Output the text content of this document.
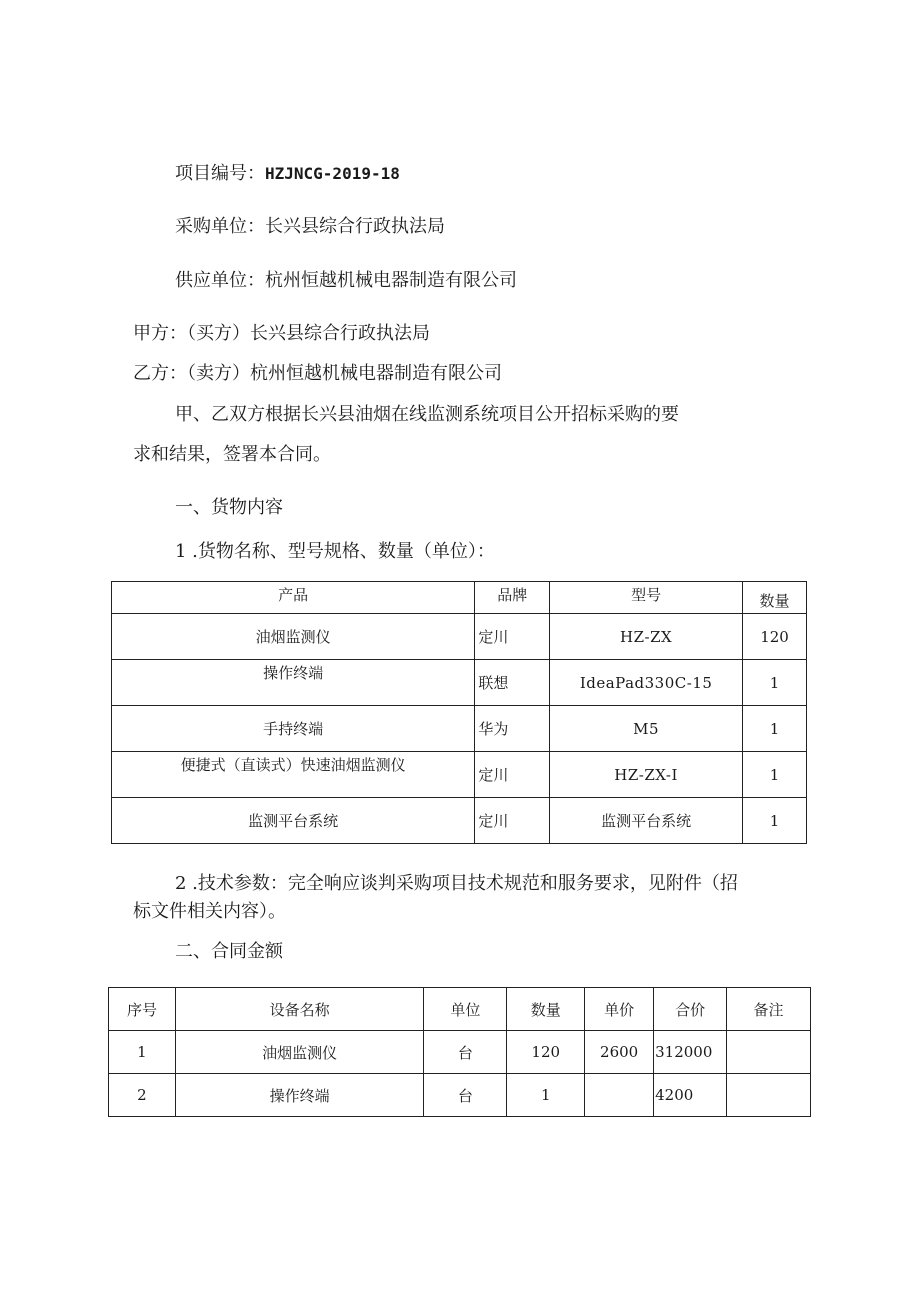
项目编号：HZJNCG-2019-18
采购单位：长兴县综合行政执法局
供应单位：杭州恒越机械电器制造有限公司
甲方：（买方）长兴县综合行政执法局
乙方：（卖方）杭州恒越机械电器制造有限公司
甲、乙双方根据长兴县油烟在线监测系统项目公开招标采购的要
求和结果，签署本合同。
一、货物内容
1 .货物名称、型号规格、数量（单位）：
产品	品牌	型号	数量
油烟监测仪	定川	HZ-ZX	120
操作终端	联想	IdeaPad330C-15	1
手持终端	华为	M5	1
便捷式（直读式）快速油烟监测仪	定川	HZ-ZX-I	1
监测平台系统	定川	监测平台系统	1
2 .技术参数：完全响应谈判采购项目技术规范和服务要求，见附件（招
标文件相关内容）。
二、合同金额
序号	设备名称	单位	数量	单价	合价	备注
1	油烟监测仪	台	120	2600	312000	
2	操作终端	台	1		4200	
